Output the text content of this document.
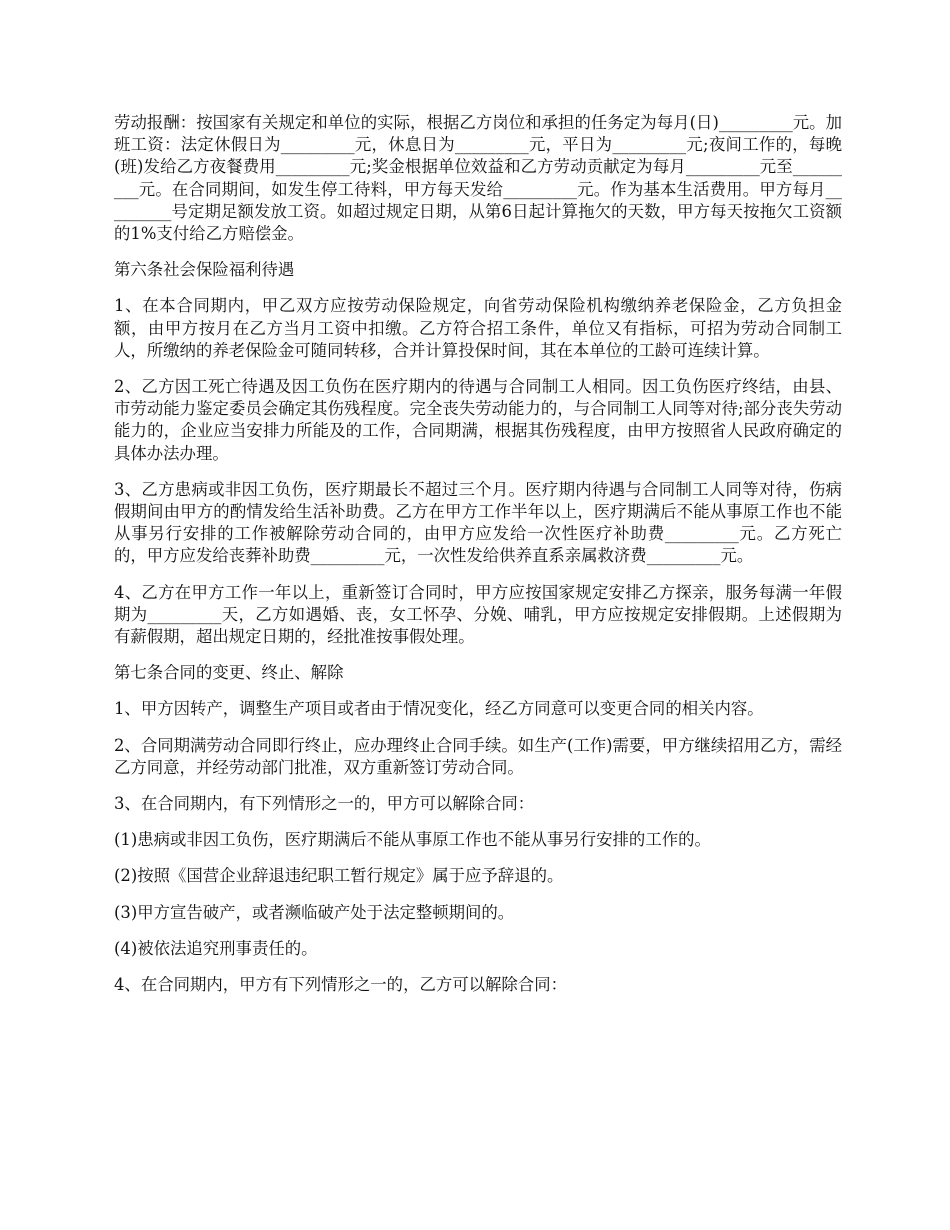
劳动报酬：按国家有关规定和单位的实际，根据乙方岗位和承担的任务定为每月(日)_________元。加班工资：法定休假日为_________元，休息日为_________元，平日为_________元;夜间工作的，每晚(班)发给乙方夜餐费用_________元;奖金根据单位效益和乙方劳动贡献定为每月_________元至_________元。在合同期间，如发生停工待料，甲方每天发给_________元。作为基本生活费用。甲方每月_________号定期足额发放工资。如超过规定日期，从第6日起计算拖欠的天数，甲方每天按拖欠工资额的1%支付给乙方赔偿金。

第六条社会保险福利待遇

1、在本合同期内，甲乙双方应按劳动保险规定，向省劳动保险机构缴纳养老保险金，乙方负担金额，由甲方按月在乙方当月工资中扣缴。乙方符合招工条件，单位又有指标，可招为劳动合同制工人，所缴纳的养老保险金可随同转移，合并计算投保时间，其在本单位的工龄可连续计算。

2、乙方因工死亡待遇及因工负伤在医疗期内的待遇与合同制工人相同。因工负伤医疗终结，由县、市劳动能力鉴定委员会确定其伤残程度。完全丧失劳动能力的，与合同制工人同等对待;部分丧失劳动能力的，企业应当安排力所能及的工作，合同期满，根据其伤残程度，由甲方按照省人民政府确定的具体办法办理。

3、乙方患病或非因工负伤，医疗期最长不超过三个月。医疗期内待遇与合同制工人同等对待，伤病假期间由甲方的酌情发给生活补助费。乙方在甲方工作半年以上，医疗期满后不能从事原工作也不能从事另行安排的工作被解除劳动合同的，由甲方应发给一次性医疗补助费_________元。乙方死亡的，甲方应发给丧葬补助费_________元，一次性发给供养直系亲属救济费_________元。

4、乙方在甲方工作一年以上，重新签订合同时，甲方应按国家规定安排乙方探亲，服务每满一年假期为_________天，乙方如遇婚、丧，女工怀孕、分娩、哺乳，甲方应按规定安排假期。上述假期为有薪假期，超出规定日期的，经批准按事假处理。

第七条合同的变更、终止、解除

1、甲方因转产，调整生产项目或者由于情况变化，经乙方同意可以变更合同的相关内容。

2、合同期满劳动合同即行终止，应办理终止合同手续。如生产(工作)需要，甲方继续招用乙方，需经乙方同意，并经劳动部门批准，双方重新签订劳动合同。

3、在合同期内，有下列情形之一的，甲方可以解除合同：

(1)患病或非因工负伤，医疗期满后不能从事原工作也不能从事另行安排的工作的。

(2)按照《国营企业辞退违纪职工暂行规定》属于应予辞退的。

(3)甲方宣告破产，或者濒临破产处于法定整顿期间的。

(4)被依法追究刑事责任的。

4、在合同期内，甲方有下列情形之一的，乙方可以解除合同：
